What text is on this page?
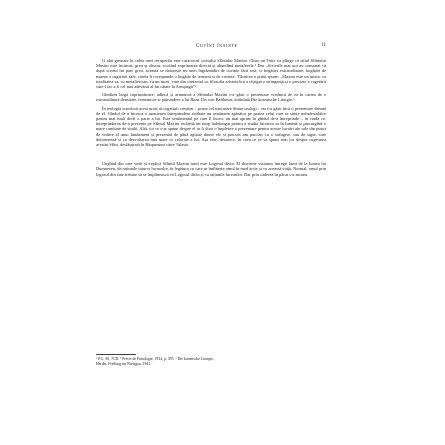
Cuvînt înainte	11

O altă greutate în calea unei recuperări este caracterul scrisului Sfîntului Maxim. Chiar un Fotie va plînge că stilul Sfîntului Maxim este încărcat, greu și obscur, ocolind exprimarea directă și abundînd metaforele.¹ Dar „Scrierile mai noi au constatat că după scrisul lui pare greu, aceasta se datorește nu unei îngrămădiri de cuvinte fără rost, ci bogăției extraordinare, bogăției de nuanțe a cugetării sale, căreia îi corespunde o bogăție de termeni și de cuvinte. Tîlcuirea o putut spune: „Maxim este un mistic cu totalitatea sa, cu metafizician, cu un ascet, care din contactul cu filosofia aristotelică a cîștigat o stringență și o precizie a cugetării care-l fac a fi cel mai adevărat al lui cătate la Areopagit”².

Gîndirea largă cuprinzătoare, adîncă și armonică a Sfîntului Maxim s-a găsit o prezentare vrednică de ea în cartea de o extraordinară densitate, temeinicie și pătrundere a lui Hans Urs von Balthasar, intitulată Die kosmische Liturgie.³

În teologia ortodoxă acest urias al cugetării creștine – poate cel mai mare dintre teologi – nu s-a găsit încă o prezentare demnă de el. Gîndul de a încerca o asemenea întreprindere străbate un sentiment apăsător pe partea celui care se simte neîndestulător pentru mai mult decît o parte a lui. Este sentimentul pe care îl încerc un mai aprins în gîndul de-a întreprinde – în ciuda ce, întreprinderea de-a prezenta pe Sfîntul Maxim reclamă un timp îndelungat pentru a studia lucrarea sa în lumină și parcurgînd o mare cantitate de studii. Altă, tot ce s-ar spune despre el ar fi doar o împletire o prezentare pentru aceste lucrări ale sale din punct de vedere al unui fundament și prezentat de până agitate dintre ele și parcurs am parcurs cu o strîngere, sau de sigur, care deformează și cu dezvoltarea mai mare ce colorate a lui. Așa este, deoarece, în ceea ce se va spune mai jos despre cugetarea acestui Sfînt, desfășurată în Răspunsuri către Talasie.

Unghiul din care vede și explică Sfîntul Maxim totul este Logosul divin. El discerne viziunea întregii lumi de la lumea lui Dumnezeu, de rațiunile tuturor lucrurilor, în legătura cu care se întîlnește omul în mod activ și cu această viață. Normal, omul prin logosul din sine trebuie să se împlinească cu Logosul divin și cu rațiunile lucrurilor. Dar prin căderea în păcat s-a ascuns

¹ P.G. 90, 7CD. ² Précis de Patrologie, 1934, p. 395. ³ Die kosmische Liturgie,

Herder, Freiburg im Breisgau, 1941.
